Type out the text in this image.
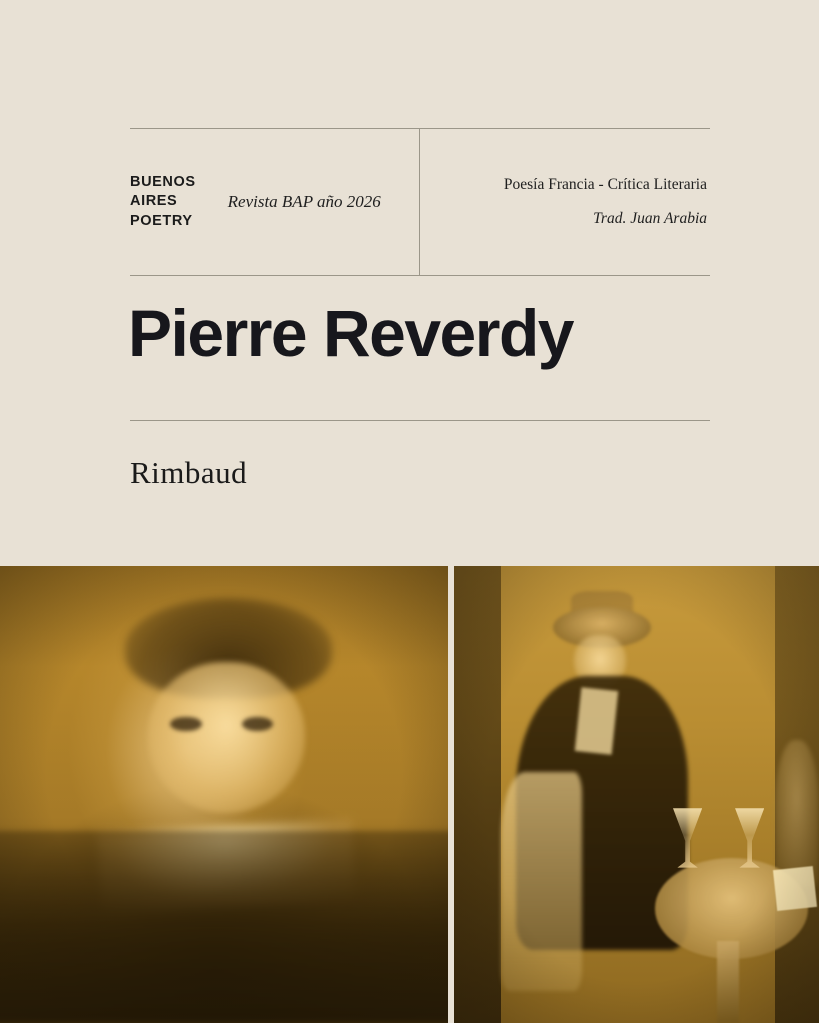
BUENOS
AIRES
POETRY
Revista BAP año 2026
Poesía Francia - Crítica Literaria
Trad. Juan Arabia
Pierre Reverdy
Rimbaud
